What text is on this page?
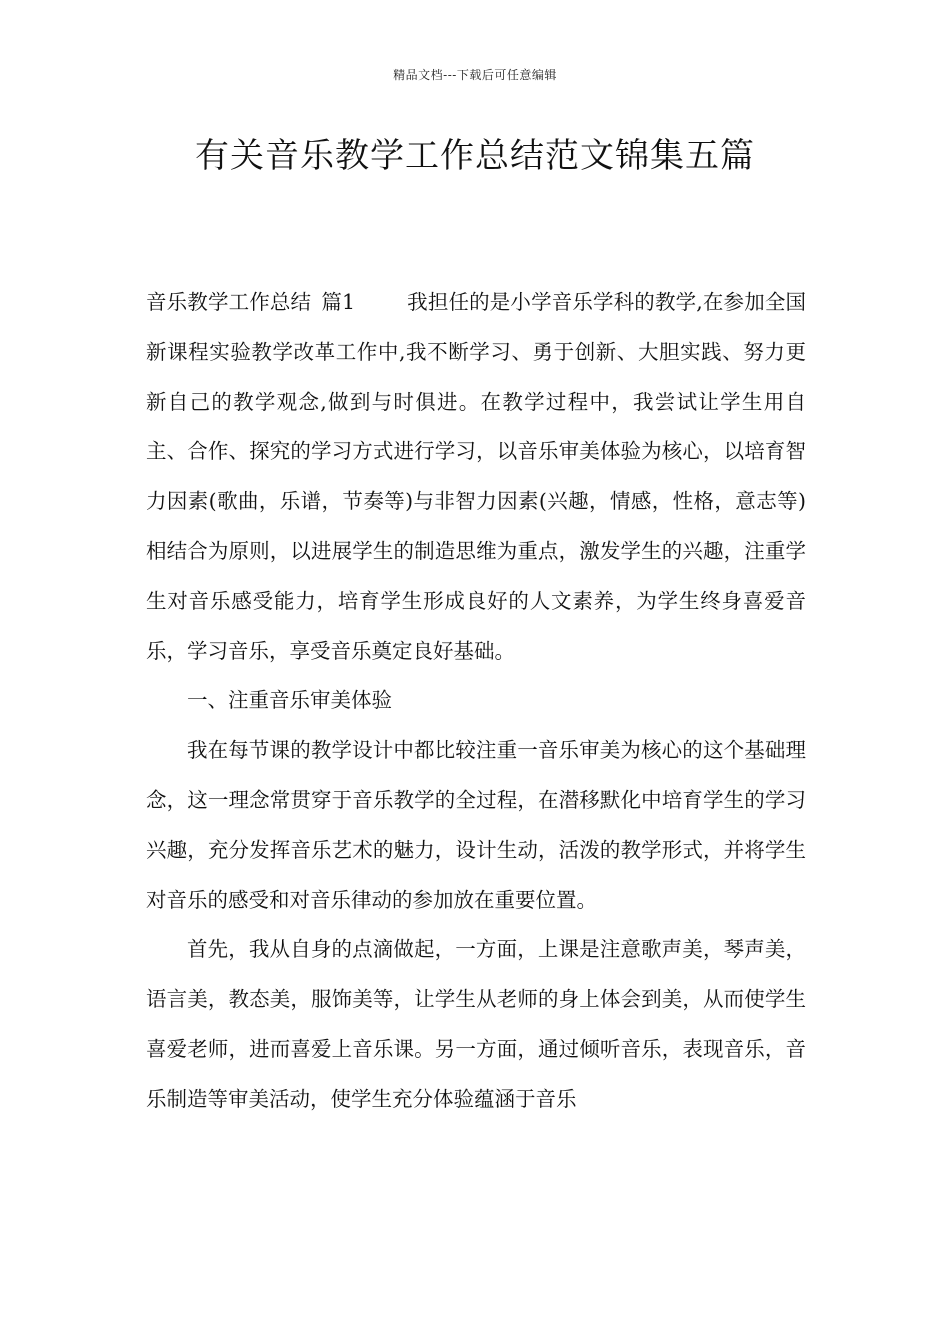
精品文档---下载后可任意编辑
有关音乐教学工作总结范文锦集五篇

音乐教学工作总结 篇1	我担任的是小学音乐学科的教学,在参加全国新课程实验教学改革工作中,我不断学习、勇于创新、大胆实践、努力更新自己的教学观念,做到与时俱进。在教学过程中，我尝试让学生用自主、合作、探究的学习方式进行学习，以音乐审美体验为核心，以培育智力因素(歌曲，乐谱，节奏等)与非智力因素(兴趣，情感，性格，意志等)相结合为原则，以进展学生的制造思维为重点，激发学生的兴趣，注重学生对音乐感受能力，培育学生形成良好的人文素养，为学生终身喜爱音乐，学习音乐，享受音乐奠定良好基础。

一、注重音乐审美体验

我在每节课的教学设计中都比较注重一音乐审美为核心的这个基础理念，这一理念常贯穿于音乐教学的全过程，在潜移默化中培育学生的学习兴趣，充分发挥音乐艺术的魅力，设计生动，活泼的教学形式，并将学生对音乐的感受和对音乐律动的参加放在重要位置。

首先，我从自身的点滴做起，一方面，上课是注意歌声美，琴声美，语言美，教态美，服饰美等，让学生从老师的身上体会到美，从而使学生喜爱老师，进而喜爱上音乐课。另一方面，通过倾听音乐，表现音乐，音乐制造等审美活动，使学生充分体验蕴涵于音乐
